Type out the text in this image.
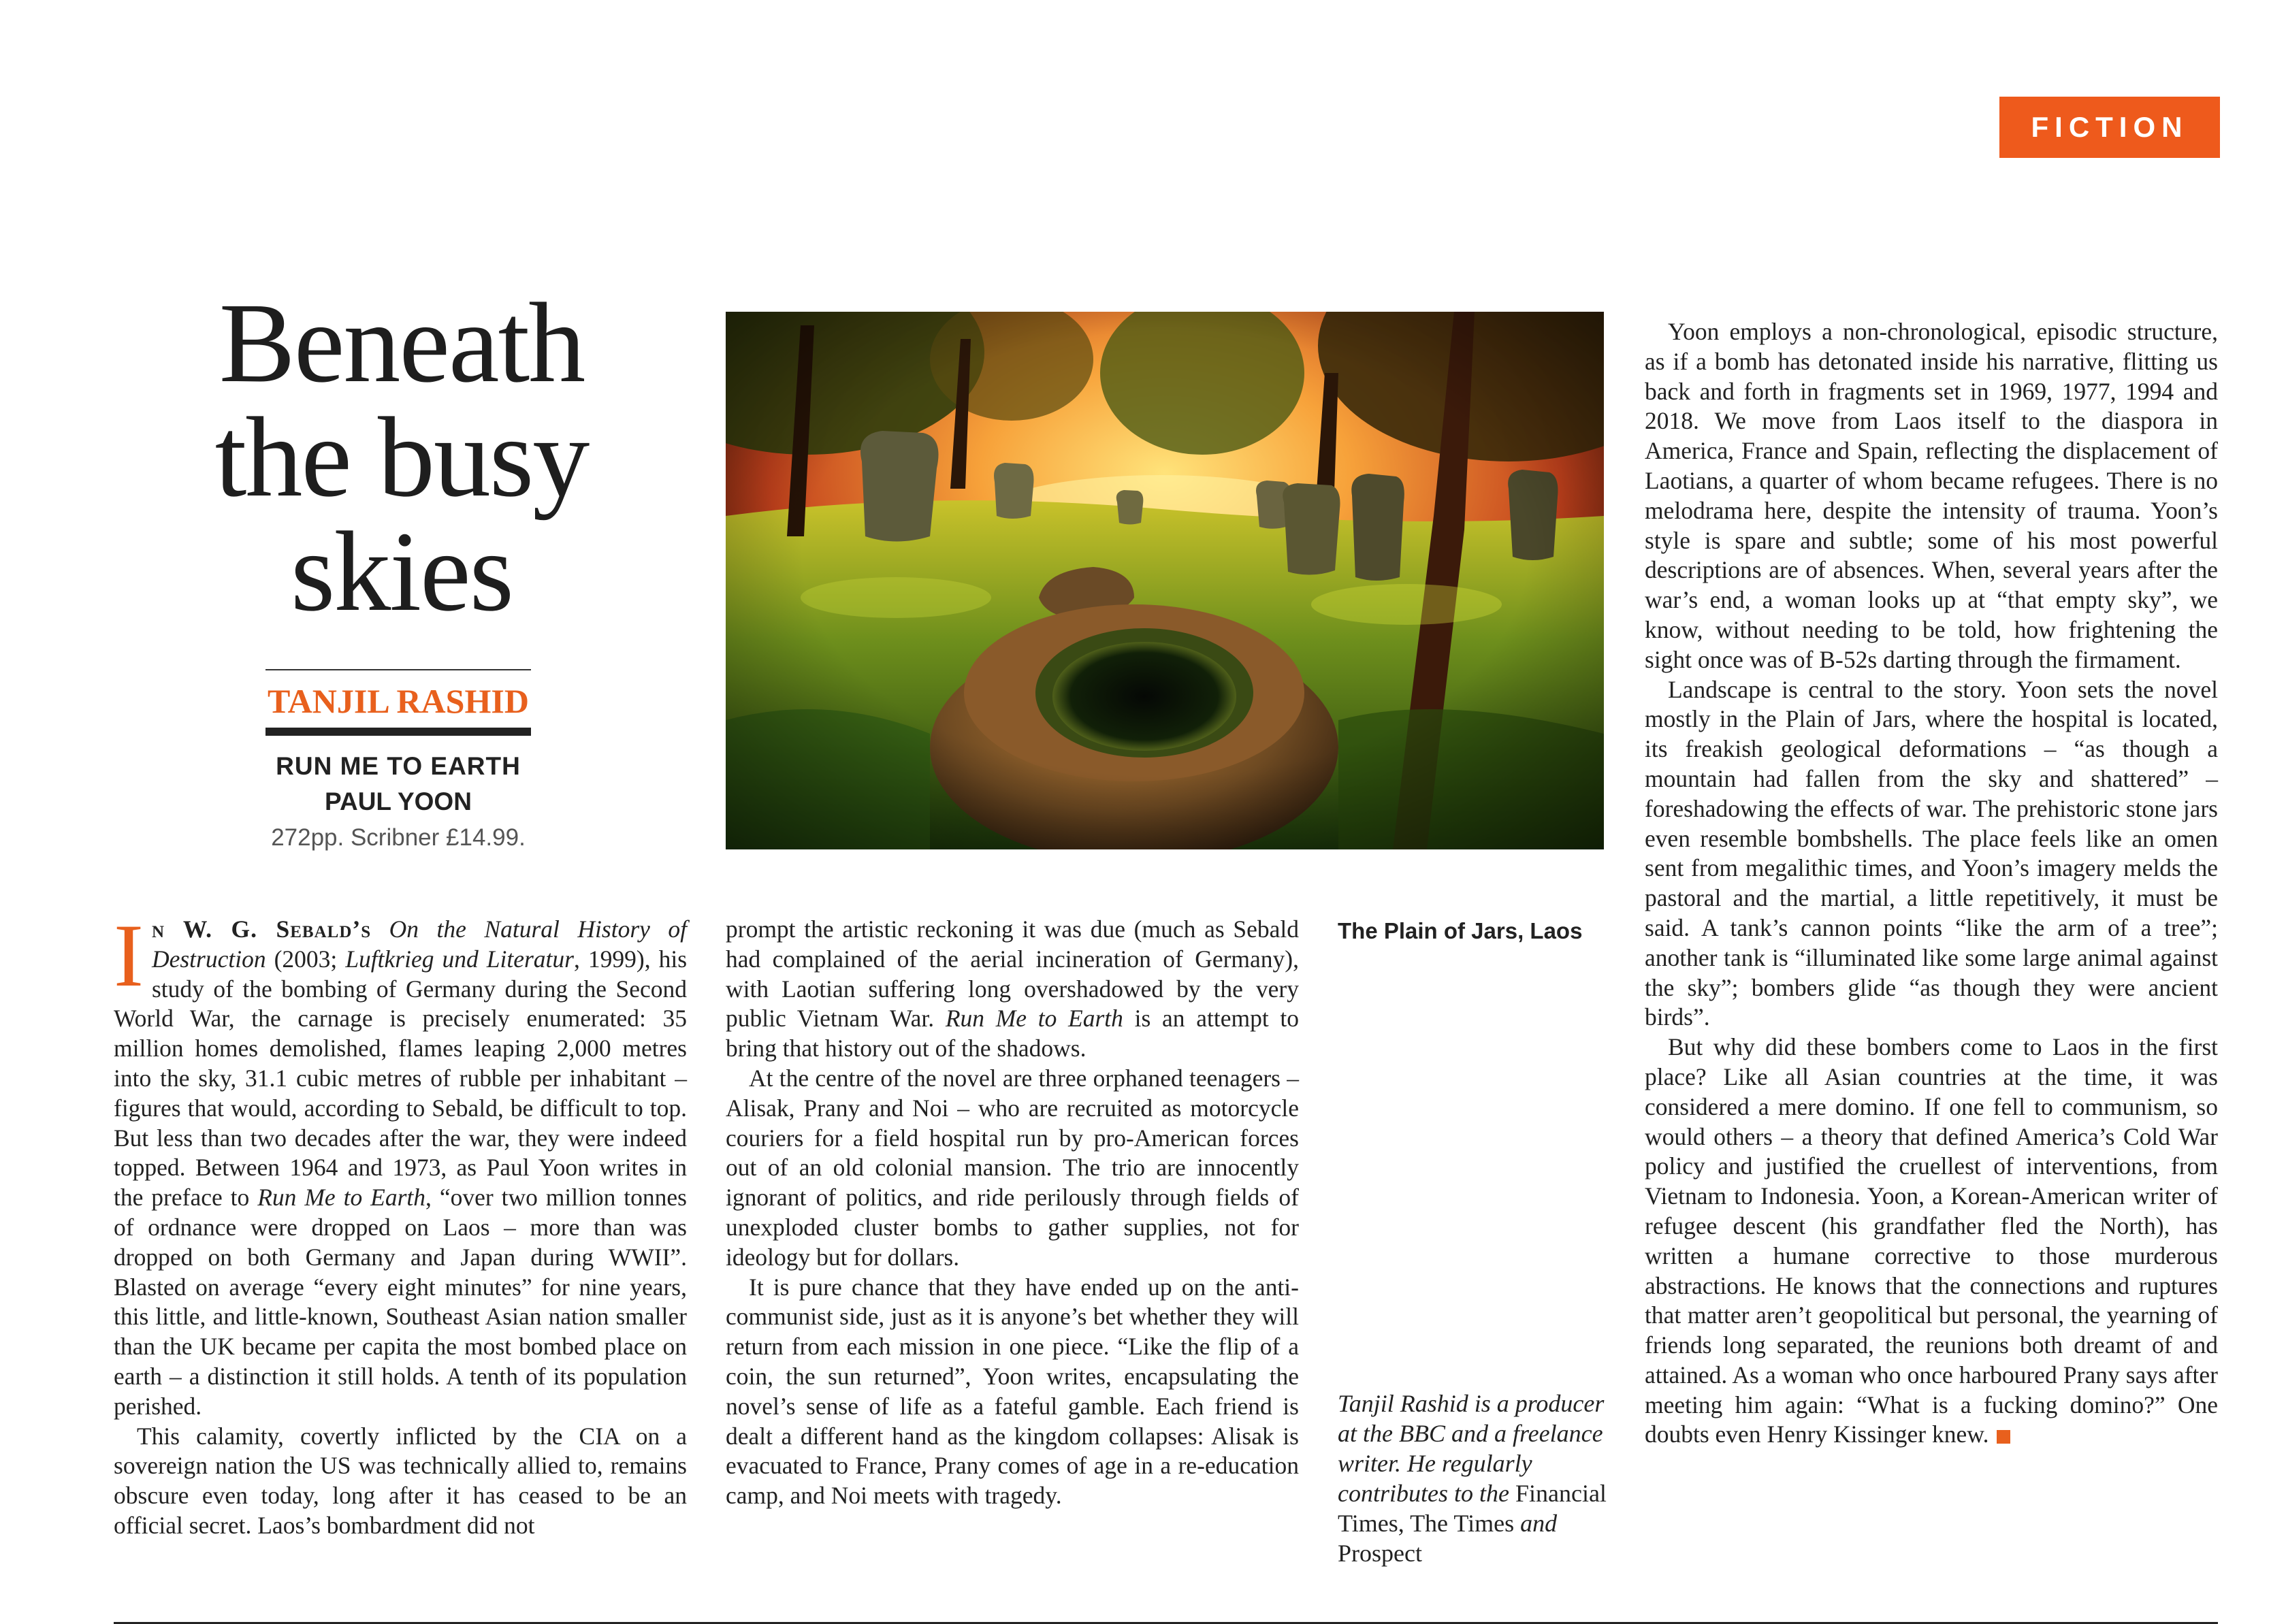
FICTION
Beneath
the busy
skies
TANJIL RASHID
RUN ME TO EARTH
PAUL YOON
272pp. Scribner £14.99.

In W. G. Sebald’s On the Natural History of Destruction (2003; Luftkrieg und Literatur, 1999), his study of the bombing of Germany during the Second World War, the carnage is precisely enumerated: 35 million homes demolished, flames leaping 2,000 metres into the sky, 31.1 cubic metres of rubble per inhabitant – figures that would, according to Sebald, be difficult to top. But less than two decades after the war, they were indeed topped. Between 1964 and 1973, as Paul Yoon writes in the preface to Run Me to Earth, “over two million tonnes of ordnance were dropped on Laos – more than was dropped on both Germany and Japan during WWII”. Blasted on average “every eight minutes” for nine years, this little, and little-known, Southeast Asian nation smaller than the UK became per capita the most bombed place on earth – a distinction it still holds. A tenth of its population perished.

This calamity, covertly inflicted by the CIA on a sovereign nation the US was technically allied to, remains obscure even today, long after it has ceased to be an official secret. Laos’s bombardment did not

prompt the artistic reckoning it was due (much as Sebald had complained of the aerial incineration of Germany), with Laotian suffering long overshadowed by the very public Vietnam War. Run Me to Earth is an attempt to bring that history out of the shadows.

At the centre of the novel are three orphaned teenagers – Alisak, Prany and Noi – who are recruited as motorcycle couriers for a field hospital run by pro-American forces out of an old colonial mansion. The trio are innocently ignorant of politics, and ride perilously through fields of unexploded cluster bombs to gather supplies, not for ideology but for dollars.

It is pure chance that they have ended up on the anti-communist side, just as it is anyone’s bet whether they will return from each mission in one piece. “Like the flip of a coin, the sun returned”, Yoon writes, encapsulating the novel’s sense of life as a fateful gamble. Each friend is dealt a different hand as the kingdom collapses: Alisak is evacuated to France, Prany comes of age in a re-education camp, and Noi meets with tragedy.

The Plain of Jars, Laos
Tanjil Rashid is a producer at the BBC and a freelance writer. He regularly contributes to the Financial Times, The Times and Prospect

Yoon employs a non-chronological, episodic structure, as if a bomb has detonated inside his narrative, flitting us back and forth in fragments set in 1969, 1977, 1994 and 2018. We move from Laos itself to the diaspora in America, France and Spain, reflecting the displacement of Laotians, a quarter of whom became refugees. There is no melodrama here, despite the intensity of trauma. Yoon’s style is spare and subtle; some of his most powerful descriptions are of absences. When, several years after the war’s end, a woman looks up at “that empty sky”, we know, without needing to be told, how frightening the sight once was of B-52s darting through the firmament.

Landscape is central to the story. Yoon sets the novel mostly in the Plain of Jars, where the hospital is located, its freakish geological deformations – “as though a mountain had fallen from the sky and shattered” – foreshadowing the effects of war. The prehistoric stone jars even resemble bombshells. The place feels like an omen sent from megalithic times, and Yoon’s imagery melds the pastoral and the martial, a little repetitively, it must be said. A tank’s cannon points “like the arm of a tree”; another tank is “illuminated like some large animal against the sky”; bombers glide “as though they were ancient birds”.

But why did these bombers come to Laos in the first place? Like all Asian countries at the time, it was considered a mere domino. If one fell to communism, so would others – a theory that defined America’s Cold War policy and justified the cruellest of interventions, from Vietnam to Indonesia. Yoon, a Korean-American writer of refugee descent (his grandfather fled the North), has written a humane corrective to those murderous abstractions. He knows that the connections and ruptures that matter aren’t geopolitical but personal, the yearning of friends long separated, the reunions both dreamt of and attained. As a woman who once harboured Prany says after meeting him again: “What is a fucking domino?” One doubts even Henry Kissinger knew.
